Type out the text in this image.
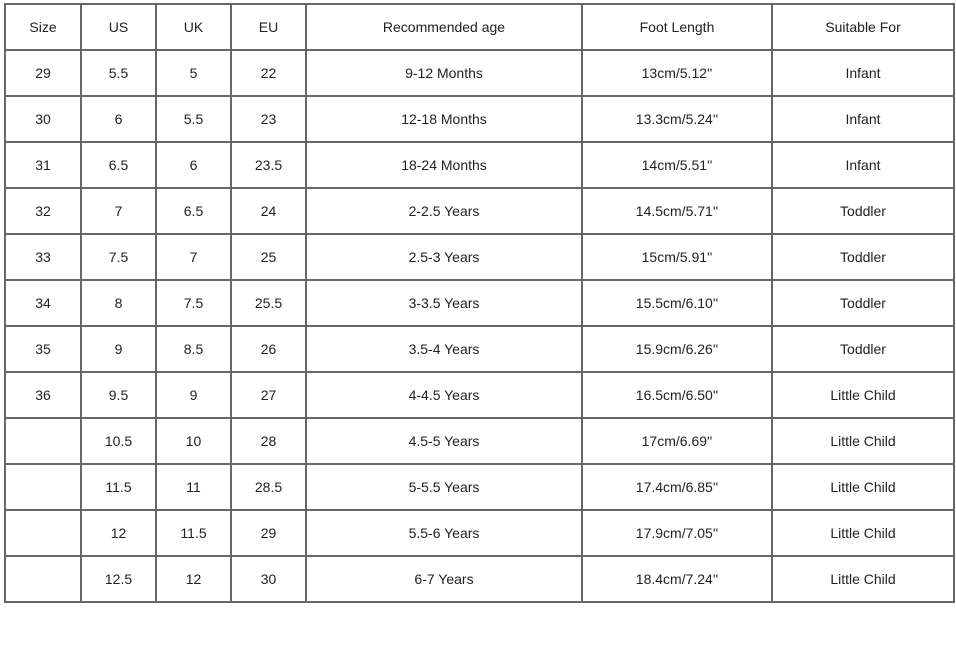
Size	US	UK	EU	Recommended age	Foot Length	Suitable For
29	5.5	5	22	9-12 Months	13cm/5.12''	Infant
30	6	5.5	23	12-18 Months	13.3cm/5.24''	Infant
31	6.5	6	23.5	18-24 Months	14cm/5.51''	Infant
32	7	6.5	24	2-2.5 Years	14.5cm/5.71''	Toddler
33	7.5	7	25	2.5-3 Years	15cm/5.91''	Toddler
34	8	7.5	25.5	3-3.5 Years	15.5cm/6.10''	Toddler
35	9	8.5	26	3.5-4 Years	15.9cm/6.26''	Toddler
36	9.5	9	27	4-4.5 Years	16.5cm/6.50''	Little Child
	10.5	10	28	4.5-5 Years	17cm/6.69''	Little Child
	11.5	11	28.5	5-5.5 Years	17.4cm/6.85''	Little Child
	12	11.5	29	5.5-6 Years	17.9cm/7.05''	Little Child
	12.5	12	30	6-7 Years	18.4cm/7.24''	Little Child
